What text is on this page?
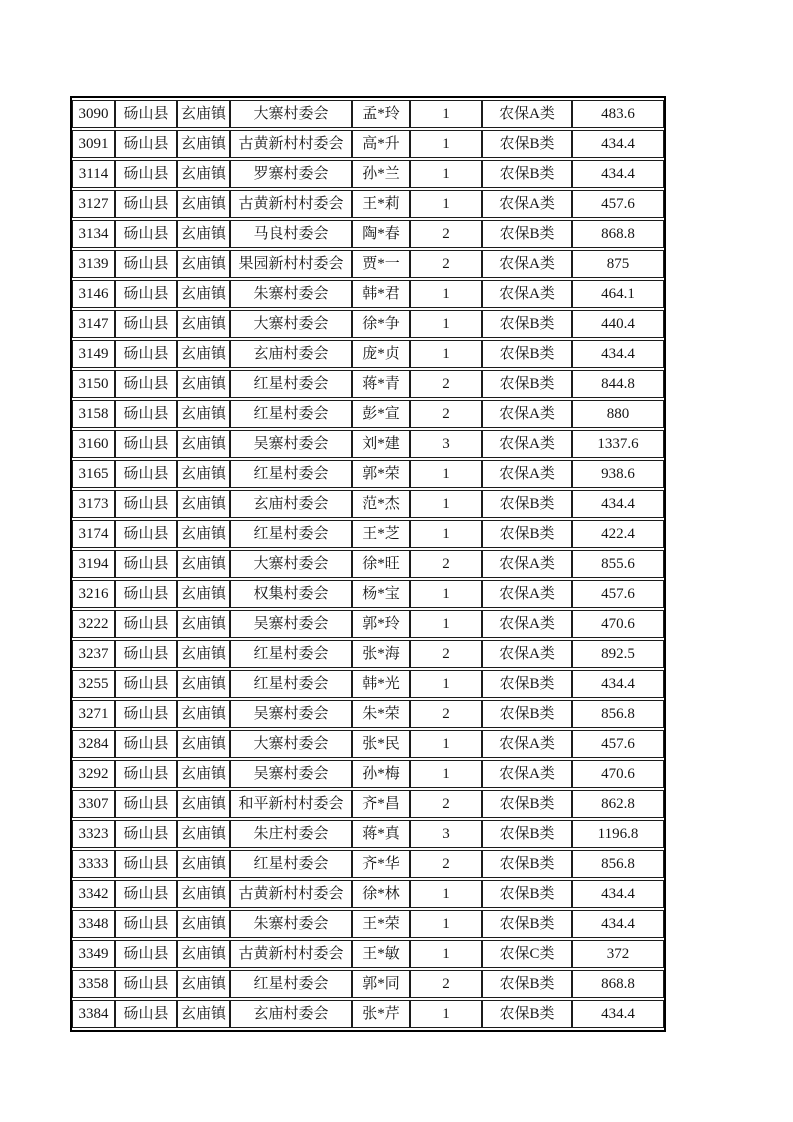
3090	砀山县	玄庙镇	大寨村委会	孟*玲	1	农保A类	483.6
3091	砀山县	玄庙镇	古黄新村村委会	高*升	1	农保B类	434.4
3114	砀山县	玄庙镇	罗寨村委会	孙*兰	1	农保B类	434.4
3127	砀山县	玄庙镇	古黄新村村委会	王*莉	1	农保A类	457.6
3134	砀山县	玄庙镇	马良村委会	陶*春	2	农保B类	868.8
3139	砀山县	玄庙镇	果园新村村委会	贾*一	2	农保A类	875
3146	砀山县	玄庙镇	朱寨村委会	韩*君	1	农保A类	464.1
3147	砀山县	玄庙镇	大寨村委会	徐*争	1	农保B类	440.4
3149	砀山县	玄庙镇	玄庙村委会	庞*贞	1	农保B类	434.4
3150	砀山县	玄庙镇	红星村委会	蒋*青	2	农保B类	844.8
3158	砀山县	玄庙镇	红星村委会	彭*宣	2	农保A类	880
3160	砀山县	玄庙镇	吴寨村委会	刘*建	3	农保A类	1337.6
3165	砀山县	玄庙镇	红星村委会	郭*荣	1	农保A类	938.6
3173	砀山县	玄庙镇	玄庙村委会	范*杰	1	农保B类	434.4
3174	砀山县	玄庙镇	红星村委会	王*芝	1	农保B类	422.4
3194	砀山县	玄庙镇	大寨村委会	徐*旺	2	农保A类	855.6
3216	砀山县	玄庙镇	权集村委会	杨*宝	1	农保A类	457.6
3222	砀山县	玄庙镇	吴寨村委会	郭*玲	1	农保A类	470.6
3237	砀山县	玄庙镇	红星村委会	张*海	2	农保A类	892.5
3255	砀山县	玄庙镇	红星村委会	韩*光	1	农保B类	434.4
3271	砀山县	玄庙镇	吴寨村委会	朱*荣	2	农保B类	856.8
3284	砀山县	玄庙镇	大寨村委会	张*民	1	农保A类	457.6
3292	砀山县	玄庙镇	吴寨村委会	孙*梅	1	农保A类	470.6
3307	砀山县	玄庙镇	和平新村村委会	齐*昌	2	农保B类	862.8
3323	砀山县	玄庙镇	朱庄村委会	蒋*真	3	农保B类	1196.8
3333	砀山县	玄庙镇	红星村委会	齐*华	2	农保B类	856.8
3342	砀山县	玄庙镇	古黄新村村委会	徐*林	1	农保B类	434.4
3348	砀山县	玄庙镇	朱寨村委会	王*荣	1	农保B类	434.4
3349	砀山县	玄庙镇	古黄新村村委会	王*敏	1	农保C类	372
3358	砀山县	玄庙镇	红星村委会	郭*同	2	农保B类	868.8
3384	砀山县	玄庙镇	玄庙村委会	张*芹	1	农保B类	434.4
